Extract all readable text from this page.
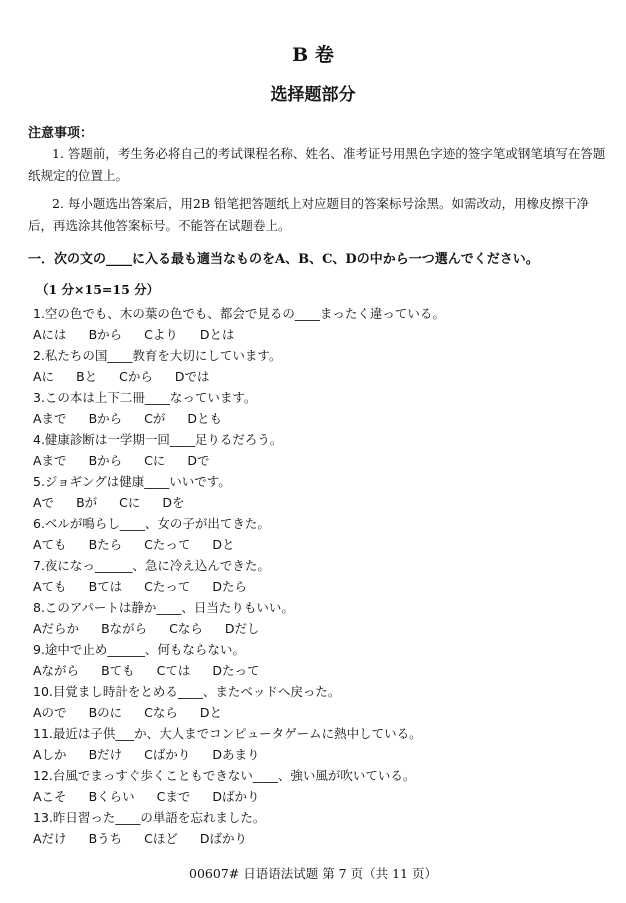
B 卷
选择题部分
注意事项：
1. 答题前，考生务必将自己的考试课程名称、姓名、准考证号用黑色字迹的签字笔或钢笔填写在答题纸规定的位置上。
2. 每小题选出答案后，用2B 铅笔把答题纸上对应题目的答案标号涂黑。如需改动，用橡皮擦干净后，再选涂其他答案标号。不能答在试题卷上。
一．次の文の____に入る最も適当なものをA、B、C、Dの中から一つ選んでください。
（1 分×15=15 分）
1.空の色でも、木の葉の色でも、都会で見るの____まったく違っている。
Aには Bから Cより Dとは
2.私たちの国____教育を大切にしています。
Aに Bと Cから Dでは
3.この本は上下二冊____なっています。
Aまで Bから Cが Dとも
4.健康診断は一学期一回____足りるだろう。
Aまで Bから Cに Dで
5.ジョギングは健康____いいです。
Aで Bが Cに Dを
6.ベルが鳴らし____、女の子が出てきた。
Aても Bたら Cたって Dと
7.夜になっ______、急に冷え込んできた。
Aても Bては Cたって Dたら
8.このアパートは静か____、日当たりもいい。
Aだらか Bながら Cなら Dだし
9.途中で止め______、何もならない。
Aながら Bても Cては Dたって
10.目覚まし時計をとめる____、またベッドへ戻った。
Aので Bのに Cなら Dと
11.最近は子供___か、大人までコンピュータゲームに熱中している。
Aしか Bだけ Cばかり Dあまり
12.台風でまっすぐ歩くこともできない____、強い風が吹いている。
Aこそ Bくらい Cまで Dばかり
13.昨日習った____の単語を忘れました。
Aだけ Bうち Cほど Dばかり
00607# 日语语法试题 第 7 页（共 11 页）
